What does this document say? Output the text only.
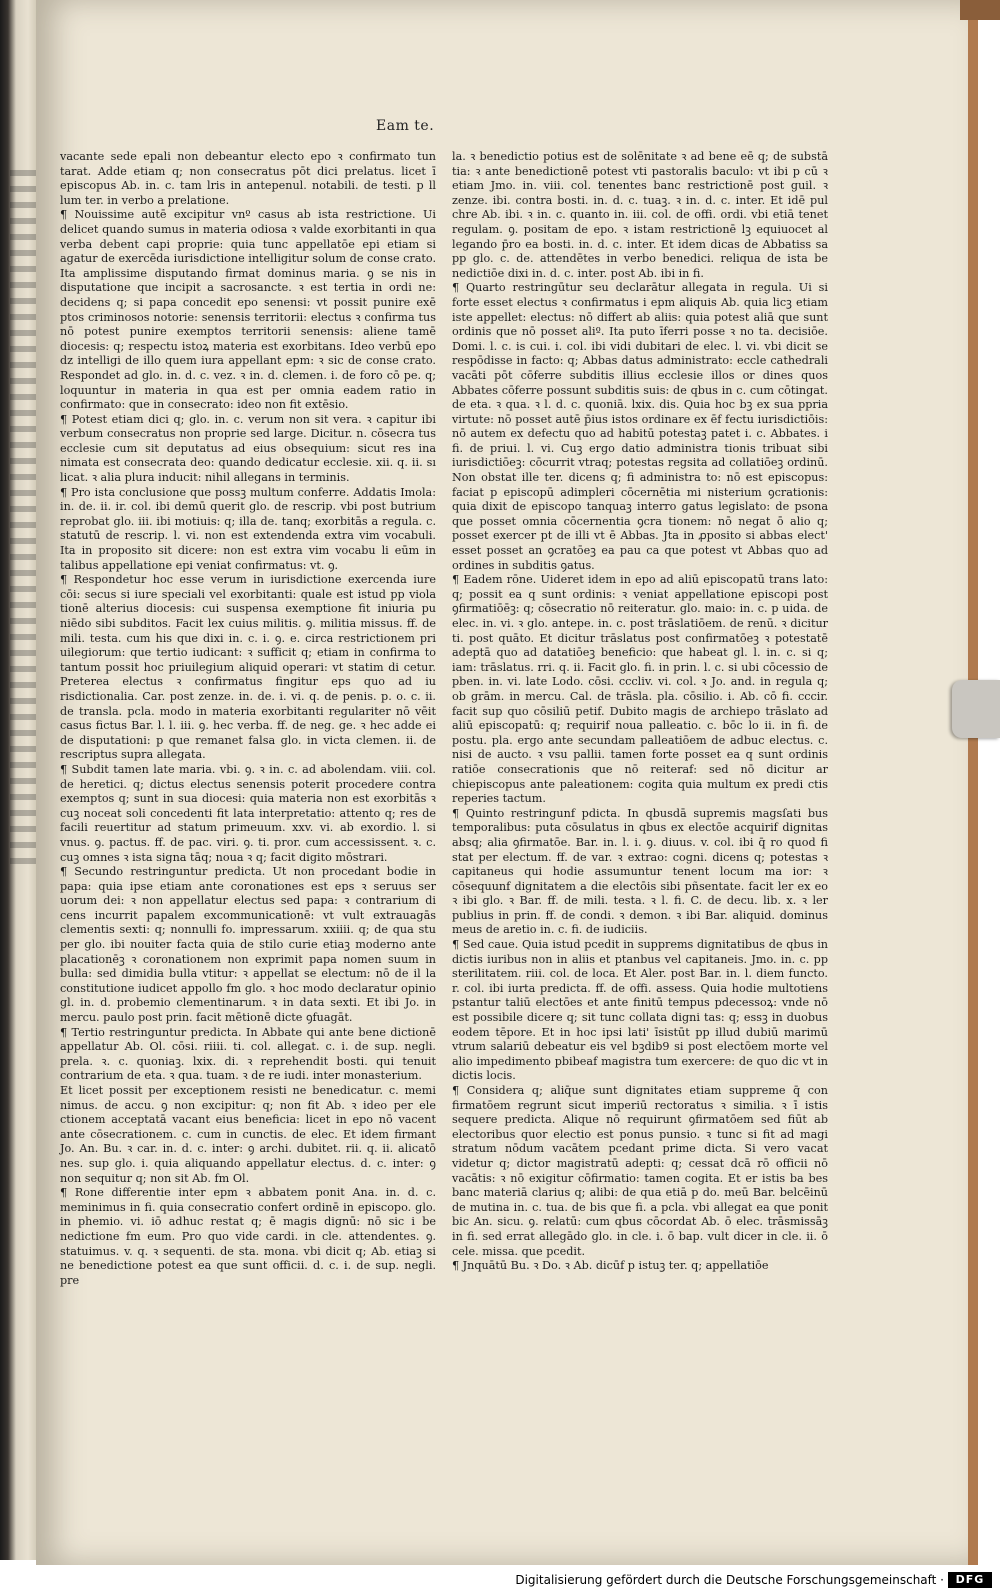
Eam te.

vacante sede epali non debeantur electo epo ꝛ confirmato tun tarat. Adde etiam q; non consecratus pōt dici prelatus. licet ī episcopus Ab. in. c. tam lris in antepenul. notabili. de testi. p ll lum ter. in verbo a prelatione.

¶ Nouissime autē excipitur vnº casus ab ista restrictione. Ui delicet quando sumus in materia odiosa ꝛ valde exorbitanti in qua verba debent capi proprie: quia tunc appellatōe epi etiam si agatur de exercēda iurisdictione intelligitur solum de conse crato. Ita amplissime disputando firmat dominus maria. ꝯ se nis in disputatione que incipit a sacrosancte. ꝛ est tertia in ordi ne: decidens q; si papa concedit epo senensi: vt possit punire exē ptos criminosos notorie: senensis territorii: electus ꝛ confirma tus nō potest punire exemptos territorii senensis: aliene tamē diocesis: q; respectu istoꝝ materia est exorbitans. Ideo verbū epo dz intelligi de illo quem iura appellant epm: ꝛ sic de conse crato. Respondet ad glo. in. d. c. vez. ꝛ in. d. clemen. i. de foro cō pe. q; loquuntur in materia in qua est per omnia eadem ratio in confirmato: que in consecrato: ideo non fit extēsio.

¶ Potest etiam dici q; glo. in. c. verum non sit vera. ꝛ capitur ibi verbum consecratus non proprie sed large. Dicitur. n. cōsecra tus ecclesie cum sit deputatus ad eius obsequium: sicut res ina nimata est consecrata deo: quando dedicatur ecclesie. xii. q. ii. sı licat. ꝛ alia plura inducit: nihil allegans in terminis.

¶ Pro ista conclusione que possꝫ multum conferre. Addatis Imola: in. de. ii. ir. col. ibi demū querit glo. de rescrip. vbi post butrium reprobat glo. iii. ibi motiuis: q; illa de. tanq; exorbitās a regula. c. statutū de rescrip. l. vi. non est extendenda extra vim vocabuli. Ita in proposito sit dicere: non est extra vim vocabu li eūm in talibus appellatione epi veniat confirmatus: vt. ꝯ.

¶ Respondetur hoc esse verum in iurisdictione exercenda iure cōi: secus si iure speciali vel exorbitanti: quale est istud pp viola tionē alterius diocesis: cui suspensa exemptione fit iniuria pu niēdo sibi subditos. Facit lex cuius militis. ꝯ. militia missus. ff. de mili. testa. cum his que dixi in. c. i. ꝯ. e. circa restrictionem pri uilegiorum: que tertio iudicant: ꝛ sufficit q; etiam in confirma to tantum possit hoc priuilegium aliquid operari: vt statim di cetur. Preterea electus ꝛ confirmatus fingitur eps quo ad iu risdictionalia. Car. post zenze. in. de. i. vi. q. de penis. p. o. c. ii. de transla. pcla. modo in materia exorbitanti regulariter nō vēit casus fictus Bar. l. l. iii. ꝯ. hec verba. ff. de neg. ge. ꝛ hec adde ei de disputationi: p que remanet falsa glo. in victa clemen. ii. de rescriptus supra allegata.

¶ Subdit tamen late maria. vbi. ꝯ. ꝛ in. c. ad abolendam. viii. col. de heretici. q; dictus electus senensis poterit procedere contra exemptos q; sunt in sua diocesi: quia materia non est exorbitās ꝛ cuꝫ noceat soli concedenti fit lata interpretatio: attento q; res de facili reuertitur ad statum primeuum. xxv. vi. ab exordio. l. si vnus. ꝯ. pactus. ff. de pac. viri. ꝯ. ti. pror. cum accessissent. ꝛ. c. cuꝫ omnes ꝛ ista signa tāq; noua ꝛ q; facit digito mōstrari.

¶ Secundo restringuntur predicta. Ut non procedant bodie in papa: quia ipse etiam ante coronationes est eps ꝛ seruus ser uorum dei: ꝛ non appellatur electus sed papa: ꝛ contrarium di cens incurrit papalem excommunicationē: vt vult extrauagās clementis sexti: q; nonnulli fo. impressarum. xxiiii. q; de qua stu per glo. ibi nouiter facta quia de stilo curie etiaꝫ moderno ante placationēꝫ ꝛ coronationem non exprimit papa nomen suum in bulla: sed dimidia bulla vtitur: ꝛ appellat se electum: nō de il la constitutione iudicet appollo fm glo. ꝛ hoc modo declaratur opinio gl. in. d. probemio clementinarum. ꝛ in data sexti. Et ibi Jo. in mercu. paulo post prin. facit mētionē dicte ꝯfuagāt.

¶ Tertio restringuntur predicta. In Abbate qui ante bene dictionē appellatur Ab. Ol. cōsi. riiii. ti. col. allegat. c. i. de sup. negli. prela. ꝛ. c. quoniaꝫ. lxix. di. ꝛ reprehendit bosti. qui tenuit contrarium de eta. ꝛ qua. tuam. ꝛ de re iudi. inter monasterium.

Et licet possit per exceptionem resisti ne benedicatur. c. memi nimus. de accu. ꝯ non excipitur: q; non fit Ab. ꝛ ideo per ele ctionem acceptatā vacant eius beneficia: licet in epo nō vacent ante cōsecrationem. c. cum in cunctis. de elec. Et idem firmant Jo. An. Bu. ꝛ car. in. d. c. inter: ꝯ archi. dubitet. rii. q. ii. alicatō nes. sup glo. i. quia aliquando appellatur electus. d. c. inter: ꝯ non sequitur q; non sit Ab. fm Ol.

¶ Rone differentie inter epm ꝛ abbatem ponit Ana. in. d. c. meminimus in fi. quia consecratio confert ordinē in episcopo. glo. in phemio. vi. iō adhuc restat q; ē magis dignū: nō sic i be nedictione fm eum. Pro quo vide cardi. in cle. attendentes. ꝯ. statuimus. v. q. ꝛ sequenti. de sta. mona. vbi dicit q; Ab. etiaꝫ si ne benedictione potest ea que sunt officii. d. c. i. de sup. negli. pre

la. ꝛ benedictio potius est de solēnitate ꝛ ad bene eē q; de substā tia: ꝛ ante benedictionē potest vti pastoralis baculo: vt ibi p cū ꝛ etiam Jmo. in. viii. col. tenentes banc restrictionē post guil. ꝛ zenze. ibi. contra bosti. in. d. c. tuaꝫ. ꝛ in. d. c. inter. Et idē pul chre Ab. ibi. ꝛ in. c. quanto in. iii. col. de offi. ordi. vbi etiā tenet regulam. ꝯ. positam de epo. ꝛ istam restrictionē lꝫ equiuocet al legando p̄ro ea bosti. in. d. c. inter. Et idem dicas de Abbatiss sa pp glo. c. de. attendētes in verbo benedici. reliqua de ista be nedictiōe dixi in. d. c. inter. post Ab. ibi in fi.

¶ Quarto restringūtur seu declarātur allegata in regula. Ui si forte esset electus ꝛ confirmatus i epm aliquis Ab. quia licꝫ etiam iste appellet: electus: nō differt ab aliis: quia potest aliā que sunt ordinis que nō posset aliº. Ita puto īferri posse ꝛ no ta. decisiōe. Domi. l. c. is cui. i. col. ibi vidi dubitari de elec. l. vi. vbi dicit se respōdisse in facto: q; Abbas datus administrato: eccle cathedrali vacāti pōt cōferre subditis illius ecclesie illos or dines quos Abbates cōferre possunt subditis suis: de qbus in c. cum cōtingat. de eta. ꝛ qua. ꝛ l. d. c. quoniā. lxix. dis. Quia hoc bꝫ ex sua ppria virtute: nō posset autē p̄ius istos ordinare ex ēf fectu iurisdictiōis: nō autem ex defectu quo ad habitū potestaꝫ patet i. c. Abbates. i fi. de priui. l. vi. Cuꝫ ergo datio administra tionis tribuat sibi iurisdictiōeꝫ: cōcurrit vtraq; potestas regsita ad collatiōeꝫ ordinū. Non obstat ille ter. dicens q; fi administra to: nō est episcopus: faciat p episcopū adimpleri cōcernētia mi nisterium ꝯcrationis: quia dixit de episcopo tanquaꝫ interro gatus legislato: de psona que posset omnia cōcernentia ꝯcra tionem: nō negat ō alio q; posset exercer pt de illi vt ē Abbas. Jta in ꝓposito si abbas elect' esset posset an ꝯcratōeꝫ ea pau ca que potest vt Abbas quo ad ordines in subditis ꝯatus.

¶ Eadem rōne. Uideret idem in epo ad aliū episcopatū trans lato: q; possit ea q sunt ordinis: ꝛ veniat appellatione episcopi post ꝯfirmatiōēꝫ: q; cōsecratio nō reiteratur. glo. maio: in. c. p uida. de elec. in. vi. ꝛ glo. antepe. in. c. post trāslatiōem. de renū. ꝛ dicitur ti. post quāto. Et dicitur trāslatus post confirmatōeꝫ ꝛ potestatē adeptā quo ad datatiōeꝫ beneficio: que habeat gl. l. in. c. si q; iam: trāslatus. rri. q. ii. Facit glo. fi. in prin. l. c. si ubi cōcessio de pben. in. vi. late Lodo. cōsi. cccliv. vi. col. ꝛ Jo. and. in regula q; ob grām. in mercu. Cal. de trāsla. pla. cōsilio. i. Ab. cō fi. cccir. facit sup quo cōsiliū petif. Dubito magis de archiepo trāslato ad aliū episcopatū: q; requirif noua palleatio. c. bōc lo ii. in fi. de postu. pla. ergo ante secundam palleatiōem de adbuc electus. c. nisi de aucto. ꝛ vsu pallii. tamen forte posset ea q sunt ordinis ratiōe consecrationis que nō reiteraf: sed nō dicitur ar chiepiscopus ante paleationem: cogita quia multum ex predi ctis reperies tactum.

¶ Quinto restringunf pdicta. In qbusdā supremis magsſati bus temporalibus: puta cōsulatus in qbus ex electōe acquirif dignitas absq; alia ꝯfirmatōe. Bar. in. l. i. ꝯ. diuus. v. col. ibi q̄ ro quod fi stat per electum. ff. de var. ꝛ extrao: cogni. dicens q; potestas ꝛ capitaneus qui hodie assumuntur tenent locum ma ior: ꝛ cōsequunf dignitatem a die electōis sibi pñsentate. facit ler ex eo ꝛ ibi glo. ꝛ Bar. ff. de mili. testa. ꝛ l. fi. C. de decu. lib. x. ꝛ ler publius in prin. ff. de condi. ꝛ demon. ꝛ ibi Bar. aliquid. dominus meus de aretio in. c. fi. de iudiciis.

¶ Sed caue. Quia istud pcedit in supprems dignitatibus de qbus in dictis iuribus non in aliis et ptanbus vel capitaneis. Jmo. in. c. pp sterilitatem. riii. col. de loca. Et Aler. post Bar. in. l. diem functo. r. col. ibi iurta predicta. ff. de offi. assess. Quia hodie multotiens pstantur taliū electōes et ante finitū tempus pdecessoꝝ: vnde nō est possibile dicere q; sit tunc collata digni tas: q; essꝫ in duobus eodem tēpore. Et in hoc ipsi lati' īsistūt pp illud dubiū marimū vtrum salariū debeatur eis vel bꝫdib9 si post electōem morte vel alio impedimento pbibeaf magistra tum exercere: de quo dic vt in dictis locis.

¶ Considera q; aliq̄ue sunt dignitates etiam suppreme q̄ con firmatōem regrunt sicut imperiū rectoratus ꝛ similia. ꝛ ī istis sequere predicta. Alique nō requirunt ꝯfirmatōem sed fiūt ab electoribus quor electio est ponus punsio. ꝛ tunc si fit ad magi stratum nōdum vacātem pcedant prime dicta. Si vero vacat videtur q; dictor magistratū adepti: q; cessat dcā rō officii nō vacātis: ꝛ nō exigitur cōfirmatio: tamen cogita. Et er istis ba bes banc materiā clarius q; alibi: de qua etiā p do. meū Bar. belcēinū de mutina in. c. tua. de bis que fi. a pcla. vbi allegat ea que ponit bic An. sicu. ꝯ. relatū: cum qbus cōcordat Ab. ō elec. trāsmissāꝫ in fi. sed errat allegādo glo. in cle. i. ō bap. vult dicer in cle. ii. ō cele. missa. que pcedit.

¶ Jnquātū Bu. ꝛ Do. ꝛ Ab. dicūf p istuꝫ ter. q; appellatiōe

Digitalisierung gefördert durch die Deutsche Forschungsgemeinschaft ·	DFG
